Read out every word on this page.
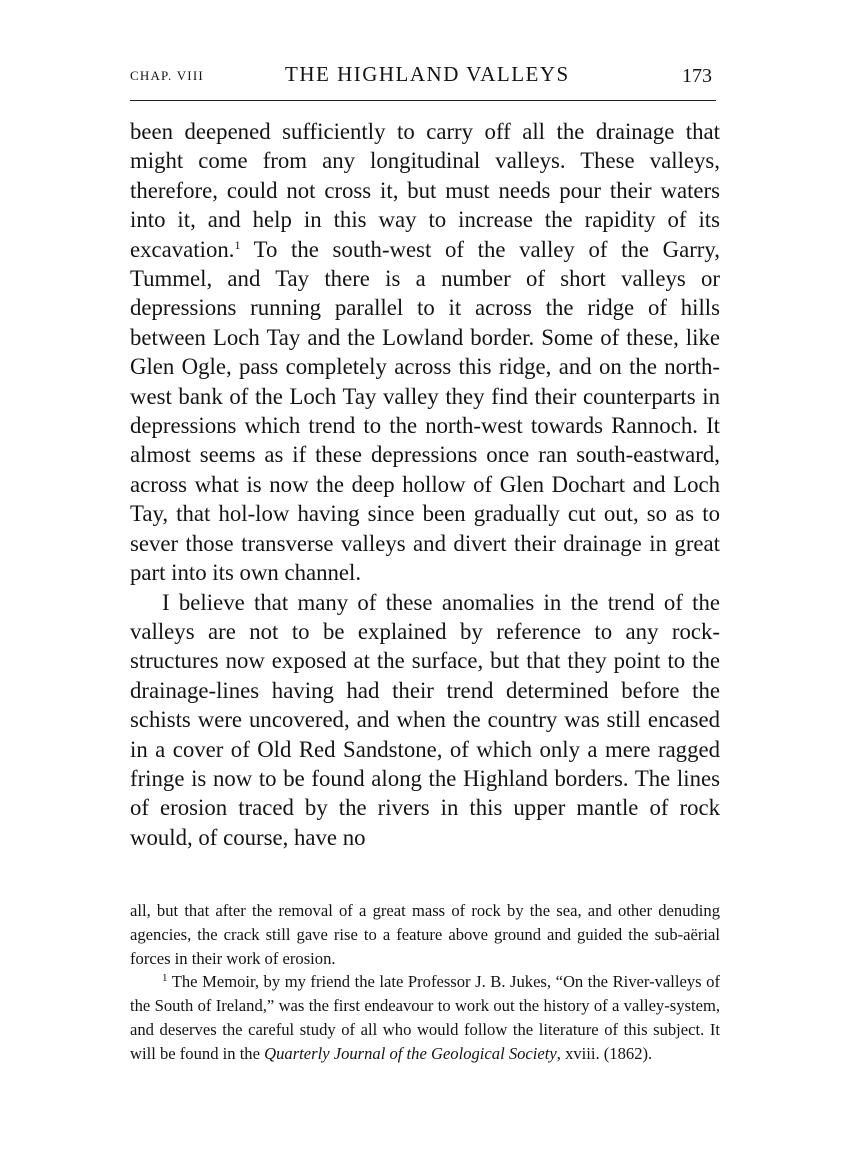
CHAP. VIII	THE HIGHLAND VALLEYS	173

been deepened sufficiently to carry off all the drainage that might come from any longitudinal valleys. These valleys, therefore, could not cross it, but must needs pour their waters into it, and help in this way to increase the rapidity of its excavation.$^1$ To the south-west of the valley of the Garry, Tummel, and Tay there is a number of short valleys or depressions running parallel to it across the ridge of hills between Loch Tay and the Lowland border. Some of these, like Glen Ogle, pass completely across this ridge, and on the north-west bank of the Loch Tay valley they find their counterparts in depressions which trend to the north-west towards Rannoch. It almost seems as if these depressions once ran south-eastward, across what is now the deep hollow of Glen Dochart and Loch Tay, that hol-low having since been gradually cut out, so as to sever those transverse valleys and divert their drainage in great part into its own channel.

I believe that many of these anomalies in the trend of the valleys are not to be explained by reference to any rock-structures now exposed at the surface, but that they point to the drainage-lines having had their trend determined before the schists were uncovered, and when the country was still encased in a cover of Old Red Sandstone, of which only a mere ragged fringe is now to be found along the Highland borders. The lines of erosion traced by the rivers in this upper mantle of rock would, of course, have no

all, but that after the removal of a great mass of rock by the sea, and other denuding agencies, the crack still gave rise to a feature above ground and guided the sub-aërial forces in their work of erosion.

$^1$ The Memoir, by my friend the late Professor J. B. Jukes, “On the River-valleys of the South of Ireland,” was the first endeavour to work out the history of a valley-system, and deserves the careful study of all who would follow the literature of this subject. It will be found in the Quarterly Journal of the Geological Society, xviii. (1862).
